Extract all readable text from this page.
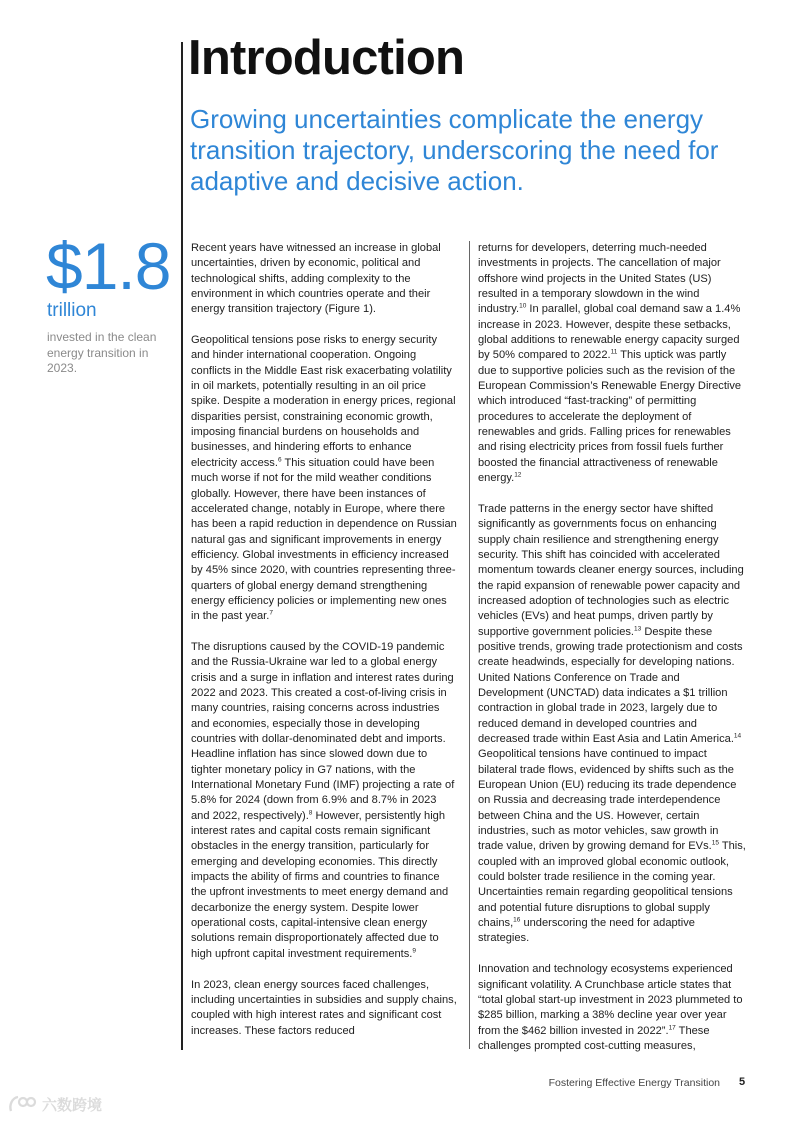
Introduction
Growing uncertainties complicate the energy transition trajectory, underscoring the need for adaptive and decisive action.
$1.8
trillion
invested in the clean energy transition in 2023.

Recent years have witnessed an increase in global uncertainties, driven by economic, political and technological shifts, adding complexity to the environment in which countries operate and their energy transition trajectory (Figure 1).

Geopolitical tensions pose risks to energy security and hinder international cooperation. Ongoing conflicts in the Middle East risk exacerbating volatility in oil markets, potentially resulting in an oil price spike. Despite a moderation in energy prices, regional disparities persist, constraining economic growth, imposing financial burdens on households and businesses, and hindering efforts to enhance electricity access.$^6$ This situation could have been much worse if not for the mild weather conditions globally. However, there have been instances of accelerated change, notably in Europe, where there has been a rapid reduction in dependence on Russian natural gas and significant improvements in energy efficiency. Global investments in efficiency increased by 45% since 2020, with countries representing three-quarters of global energy demand strengthening energy efficiency policies or implementing new ones in the past year.$^7$

The disruptions caused by the COVID-19 pandemic and the Russia-Ukraine war led to a global energy crisis and a surge in inflation and interest rates during 2022 and 2023. This created a cost-of-living crisis in many countries, raising concerns across industries and economies, especially those in developing countries with dollar-denominated debt and imports. Headline inflation has since slowed down due to tighter monetary policy in G7 nations, with the International Monetary Fund (IMF) projecting a rate of 5.8% for 2024 (down from 6.9% and 8.7% in 2023 and 2022, respectively).$^8$ However, persistently high interest rates and capital costs remain significant obstacles in the energy transition, particularly for emerging and developing economies. This directly impacts the ability of firms and countries to finance the upfront investments to meet energy demand and decarbonize the energy system. Despite lower operational costs, capital-intensive clean energy solutions remain disproportionately affected due to high upfront capital investment requirements.$^9$

In 2023, clean energy sources faced challenges, including uncertainties in subsidies and supply chains, coupled with high interest rates and significant cost increases. These factors reduced

returns for developers, deterring much-needed investments in projects. The cancellation of major offshore wind projects in the United States (US) resulted in a temporary slowdown in the wind industry.$^{10}$ In parallel, global coal demand saw a 1.4% increase in 2023. However, despite these setbacks, global additions to renewable energy capacity surged by 50% compared to 2022.11 This uptick was partly due to supportive policies such as the revision of the European Commission’s Renewable Energy Directive which introduced “fast-tracking” of permitting procedures to accelerate the deployment of renewables and grids. Falling prices for renewables and rising electricity prices from fossil fuels further boosted the financial attractiveness of renewable energy.$^{12}$

Trade patterns in the energy sector have shifted significantly as governments focus on enhancing supply chain resilience and strengthening energy security. This shift has coincided with accelerated momentum towards cleaner energy sources, including the rapid expansion of renewable power capacity and increased adoption of technologies such as electric vehicles (EVs) and heat pumps, driven partly by supportive government policies.$^{13}$ Despite these positive trends, growing trade protectionism and costs create headwinds, especially for developing nations. United Nations Conference on Trade and Development (UNCTAD) data indicates a $1 trillion contraction in global trade in 2023, largely due to reduced demand in developed countries and decreased trade within East Asia and Latin America.$^{14}$ Geopolitical tensions have continued to impact bilateral trade flows, evidenced by shifts such as the European Union (EU) reducing its trade dependence on Russia and decreasing trade interdependence between China and the US. However, certain industries, such as motor vehicles, saw growth in trade value, driven by growing demand for EVs.$^{15}$ This, coupled with an improved global economic outlook, could bolster trade resilience in the coming year. Uncertainties remain regarding geopolitical tensions and potential future disruptions to global supply chains,$^{16}$ underscoring the need for adaptive strategies.

Innovation and technology ecosystems experienced significant volatility. A Crunchbase article states that “total global start-up investment in 2023 plummeted to $285 billion, marking a 38% decline year over year from the $462 billion invested in 2022”.$^{17}$ These challenges prompted cost-cutting measures,

Fostering Effective Energy Transition 5
六数跨境
